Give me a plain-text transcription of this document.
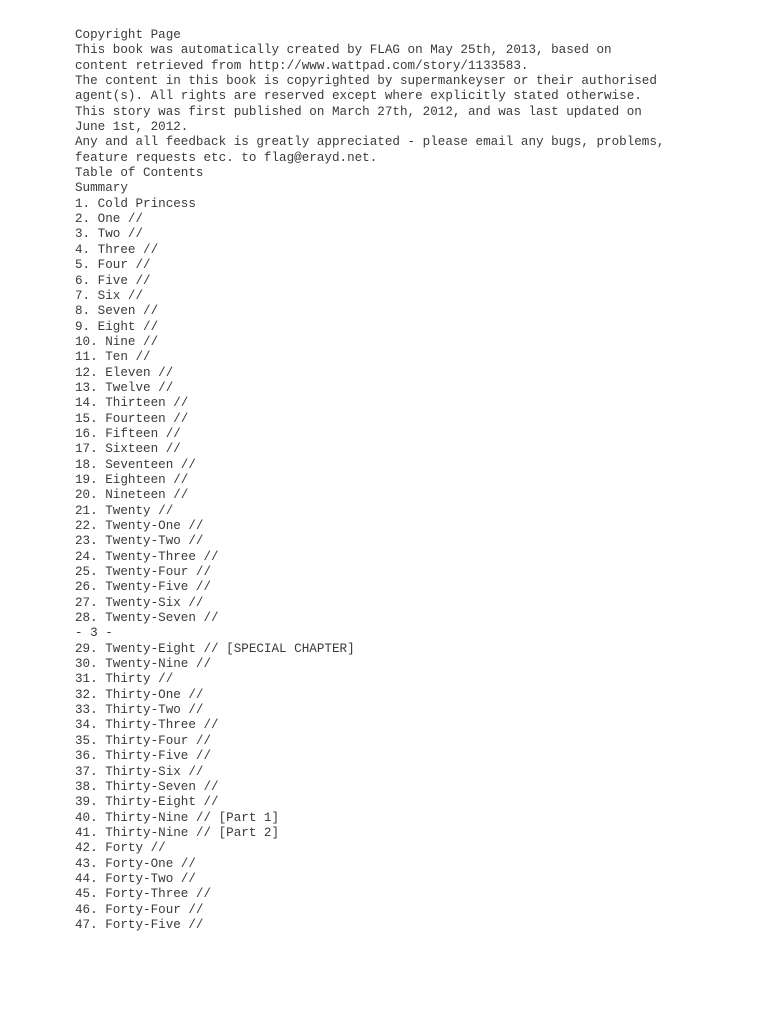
Copyright Page
This book was automatically created by FLAG on May 25th, 2013, based on
content retrieved from http://www.wattpad.com/story/1133583.
The content in this book is copyrighted by supermankeyser or their authorised
agent(s). All rights are reserved except where explicitly stated otherwise.
This story was first published on March 27th, 2012, and was last updated on
June 1st, 2012.
Any and all feedback is greatly appreciated - please email any bugs, problems,
feature requests etc. to flag@erayd.net.
Table of Contents
Summary
1. Cold Princess
2. One //
3. Two //
4. Three //
5. Four //
6. Five //
7. Six //
8. Seven //
9. Eight //
10. Nine //
11. Ten //
12. Eleven //
13. Twelve //
14. Thirteen //
15. Fourteen //
16. Fifteen //
17. Sixteen //
18. Seventeen //
19. Eighteen //
20. Nineteen //
21. Twenty //
22. Twenty-One //
23. Twenty-Two //
24. Twenty-Three //
25. Twenty-Four //
26. Twenty-Five //
27. Twenty-Six //
28. Twenty-Seven //
- 3 -
29. Twenty-Eight // [SPECIAL CHAPTER]
30. Twenty-Nine //
31. Thirty //
32. Thirty-One //
33. Thirty-Two //
34. Thirty-Three //
35. Thirty-Four //
36. Thirty-Five //
37. Thirty-Six //
38. Thirty-Seven //
39. Thirty-Eight //
40. Thirty-Nine // [Part 1]
41. Thirty-Nine // [Part 2]
42. Forty //
43. Forty-One //
44. Forty-Two //
45. Forty-Three //
46. Forty-Four //
47. Forty-Five //
